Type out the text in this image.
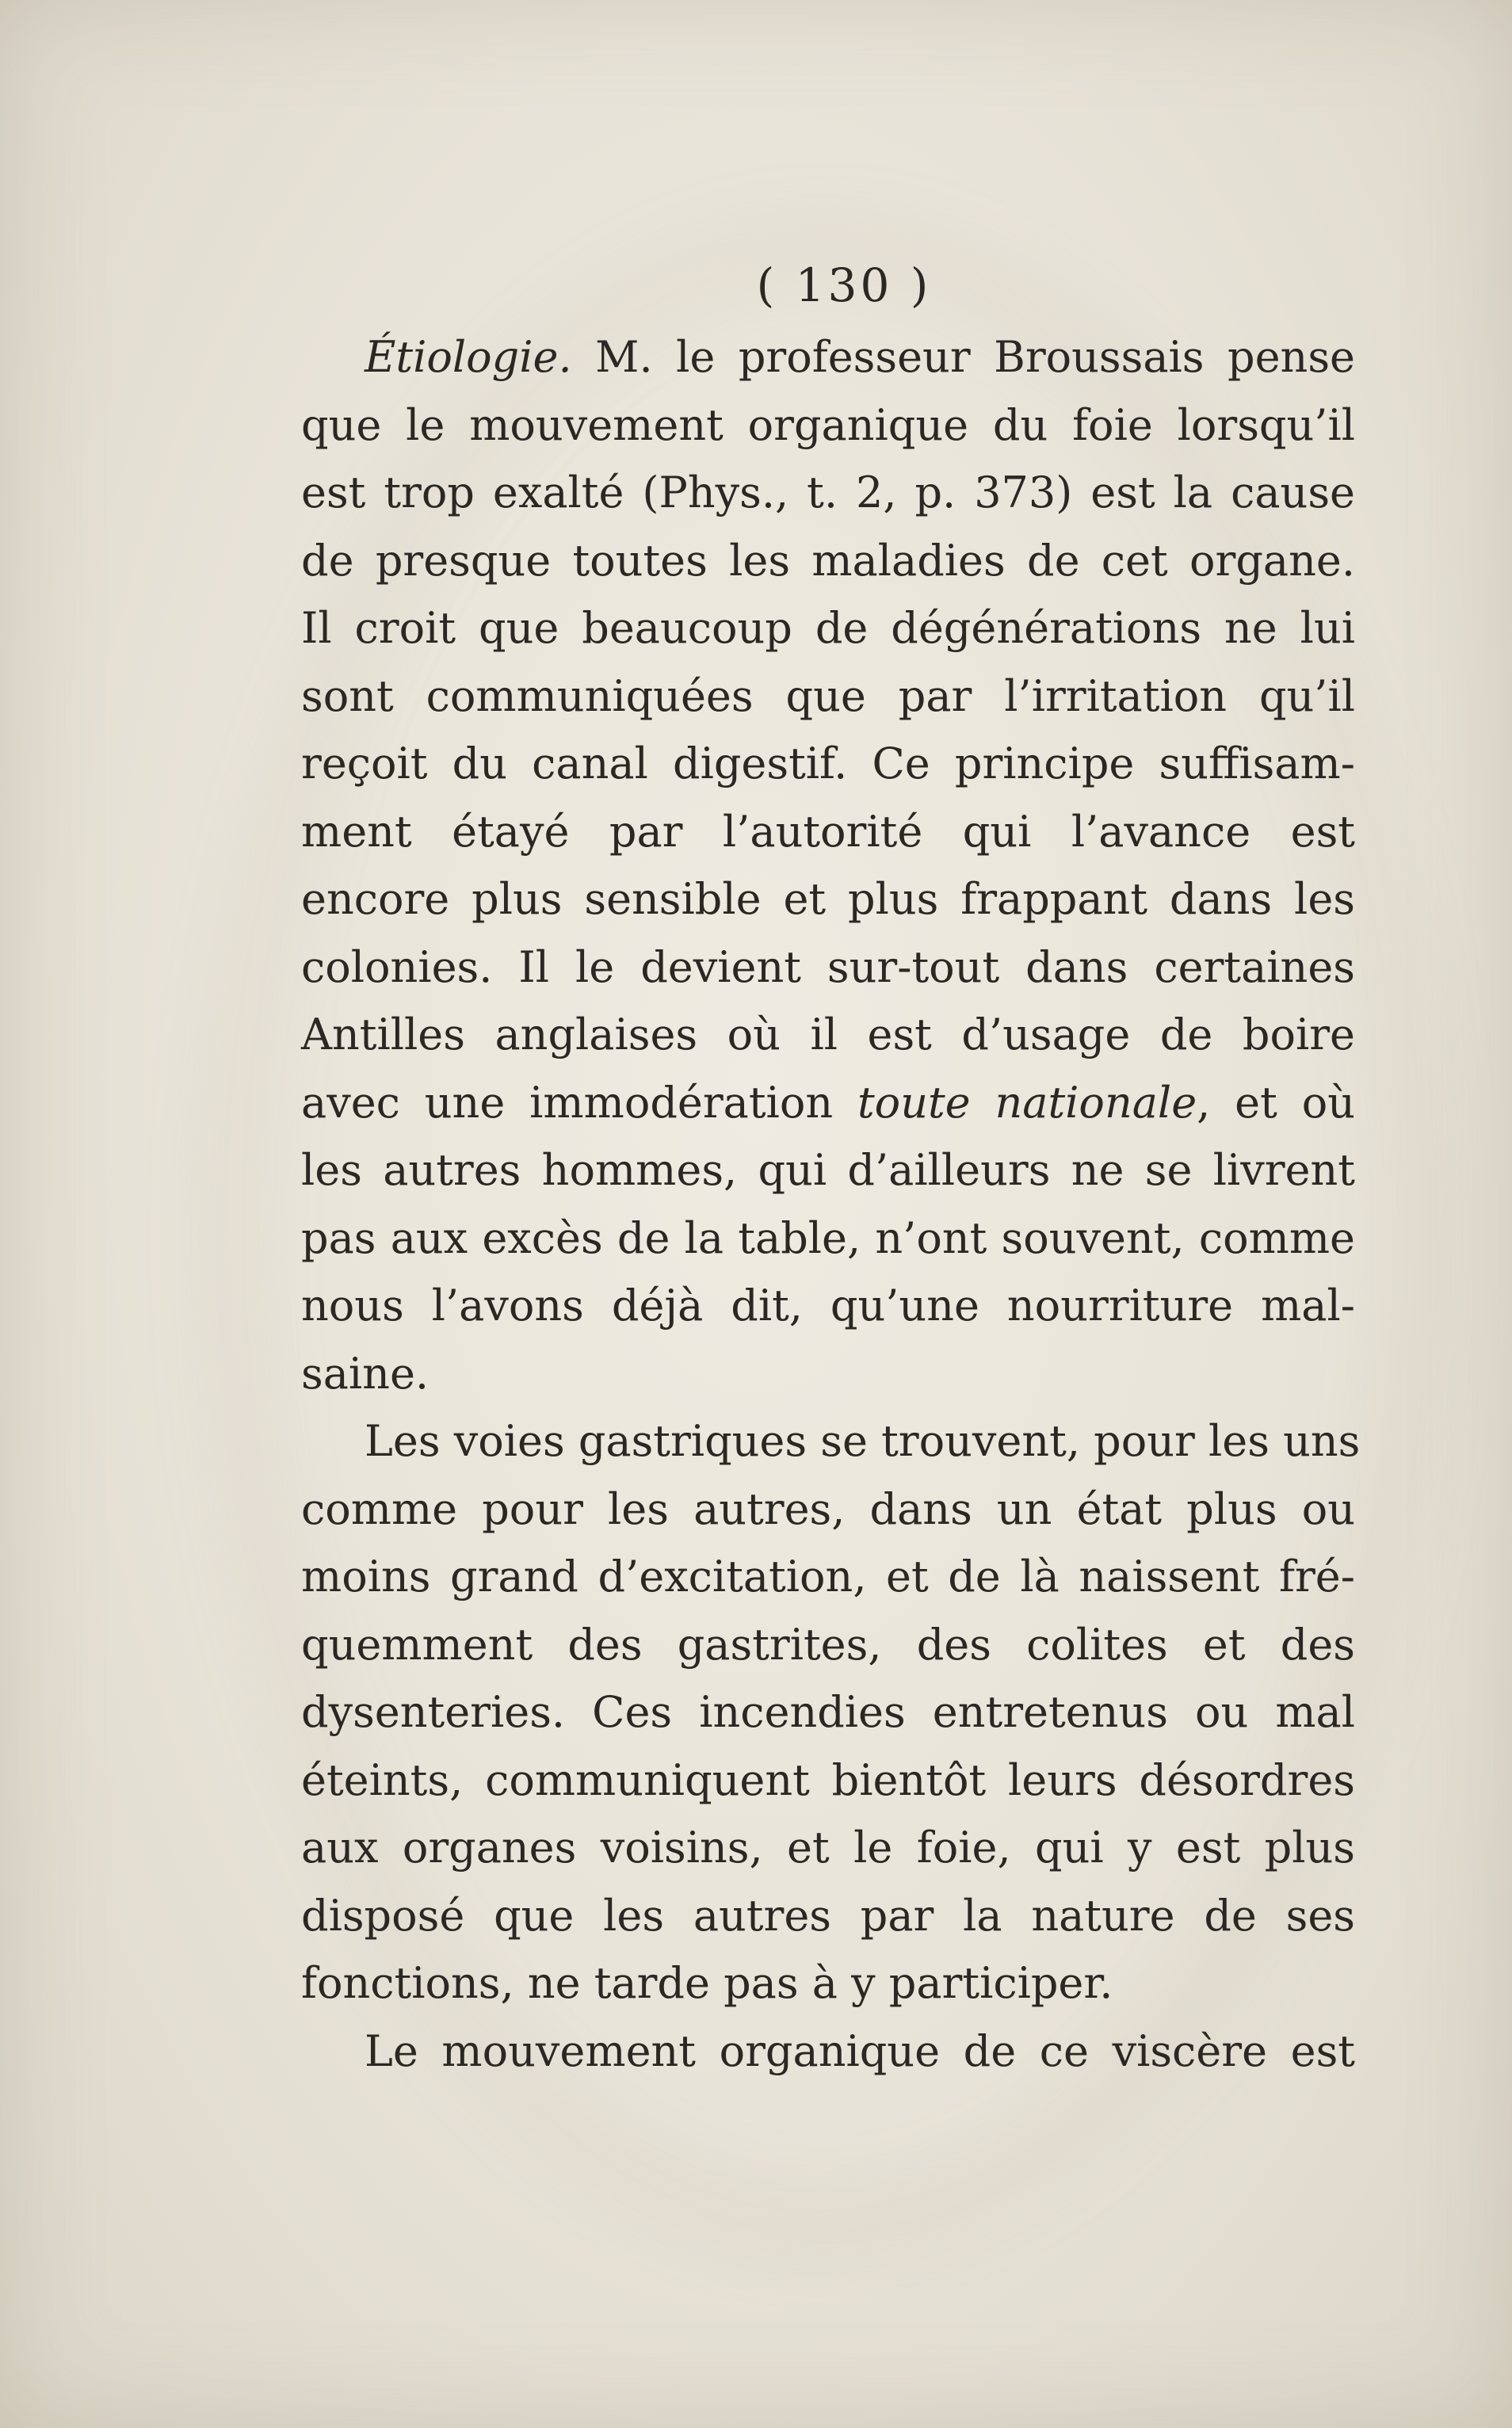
( 130 )
Étiologie. M. le professeur Broussais pense
que le mouvement organique du foie lorsqu’il
est trop exalté (Phys., t. 2, p. 373) est la cause
de presque toutes les maladies de cet organe.
Il croit que beaucoup de dégénérations ne lui
sont communiquées que par l’irritation qu’il
reçoit du canal digestif. Ce principe suffisam-
ment étayé par l’autorité qui l’avance est
encore plus sensible et plus frappant dans les
colonies. Il le devient sur-tout dans certaines
Antilles anglaises où il est d’usage de boire
avec une immodération toute nationale, et où
les autres hommes, qui d’ailleurs ne se livrent
pas aux excès de la table, n’ont souvent, comme
nous l’avons déjà dit, qu’une nourriture mal-
saine.
Les voies gastriques se trouvent, pour les uns
comme pour les autres, dans un état plus ou
moins grand d’excitation, et de là naissent fré-
quemment des gastrites, des colites et des
dysenteries. Ces incendies entretenus ou mal
éteints, communiquent bientôt leurs désordres
aux organes voisins, et le foie, qui y est plus
disposé que les autres par la nature de ses
fonctions, ne tarde pas à y participer.
Le mouvement organique de ce viscère est
